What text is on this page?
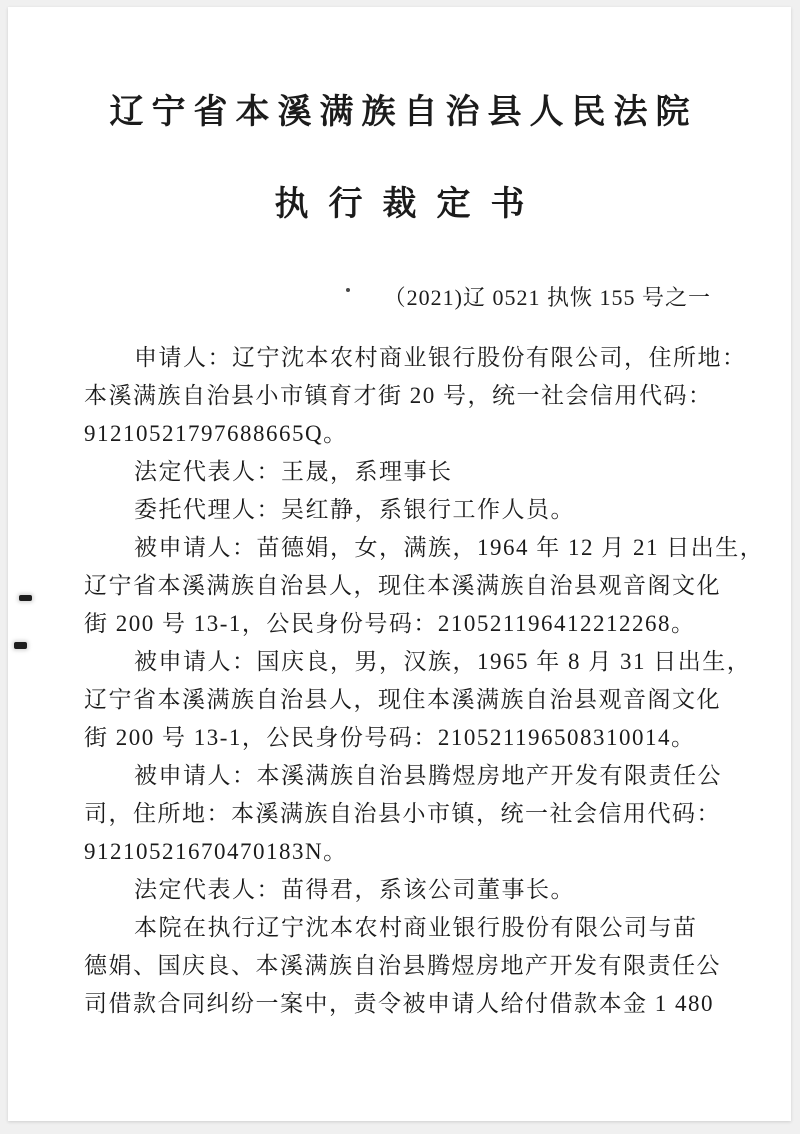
辽宁省本溪满族自治县人民法院
执行裁定书
（2021)辽 0521 执恢 155 号之一
申请人：辽宁沈本农村商业银行股份有限公司，住所地：
本溪满族自治县小市镇育才街 20 号，统一社会信用代码：
91210521797688665Q。
法定代表人：王晟，系理事长
委托代理人：吴红静，系银行工作人员。
被申请人：苗德娟，女，满族，1964 年 12 月 21 日出生，
辽宁省本溪满族自治县人，现住本溪满族自治县观音阁文化
街 200 号 13-1，公民身份号码：210521196412212268。
被申请人：国庆良，男，汉族，1965 年 8 月 31 日出生，
辽宁省本溪满族自治县人，现住本溪满族自治县观音阁文化
街 200 号 13-1，公民身份号码：210521196508310014。
被申请人：本溪满族自治县腾煜房地产开发有限责任公
司，住所地：本溪满族自治县小市镇，统一社会信用代码：
91210521670470183N。
法定代表人：苗得君，系该公司董事长。
本院在执行辽宁沈本农村商业银行股份有限公司与苗
德娟、国庆良、本溪满族自治县腾煜房地产开发有限责任公
司借款合同纠纷一案中，责令被申请人给付借款本金 1 480
